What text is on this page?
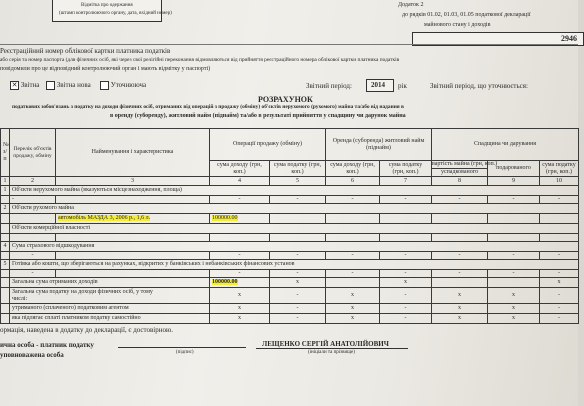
Відмітка про одержання
(штамп контролюючого органу, дата, вхідний номер)
Додаток 2
до рядків 01.02, 01.03, 01.05 податкової декларації
майнового стану і доходів
2946
Реєстраційний номер облікової картки платника податків
або серія та номер паспорта (для фізичних осіб, які через свої релігійні переконання відмовляються від прийняття реєстраційного номера облікової картки платника податків
повідомили про це відповідний контролюючий орган і мають відмітку у паспорті)
✕ Звітна	Звітна нова	Уточнююча	Звітний період:	2014 рік	Звітний період, що уточнюється:
РОЗРАХУНОК
податкових зобов'язань з податку на доходи фізичних осіб, отриманих від операцій з продажу (обміну) об'єктів нерухомого (рухомого) майна та/або від надання в
в оренду (суборенду), житловий найм (піднайм) та/або в результаті прийняття у спадщину чи дарунок майна
№ з/п	Перелік об'єктів продажу, обміну	Найменування і характеристика	Операції продажу (обміну)		Оренда (суборенда) житловий найм (піднайм)		Спадщина чи дарування		
			сума доходу (грн, коп.)	сума податку (грн, коп.)	сума доходу (грн, коп.)	сума податку (грн, коп.)	вартість майна (грн, коп.)
успадкованого	подарованого	сума податку (грн, коп.)
1	2	3	4	5	6	7	8	9	10
1	Об'єкти нерухомого майна (вказуються місцезнаходження, площа)								
	-		-	-	-	-	-	-	-
2	Об'єкти рухомого майна								
		автомобіль МАЗДА 3, 2006 р., 1,6 л.	100000.00						
	Об'єкти комерційної власності								

4	Сума страхового відшкодування								
	-		-	-	-	-	-	-	-
5	Готівка або кошти, що зберігаються на рахунках, відкритих у банківських і небанківських фінансових установ								
	-		-	-	-	-	-	-	-
	Загальна сума отриманих доходів		100000.00	x		x			x

	Загальна сума податку на доходи фізичних осіб, у тому
числі:		x	-	x	-	x	x	-
	утриманого (сплаченого) податковим агентом		x	-	x	-	x	x	-
	яка підлягає сплаті платником податку самостійно		x	-	x	-	x	x	-
ормація, наведена в додатку до декларації, є достовірною.
ична особа - платник податку
уповноважена особа	(підпис)
ЛЕЩЕНКО СЕРГІЙ АНАТОЛІЙОВИЧ
(ініціали та прізвище)
